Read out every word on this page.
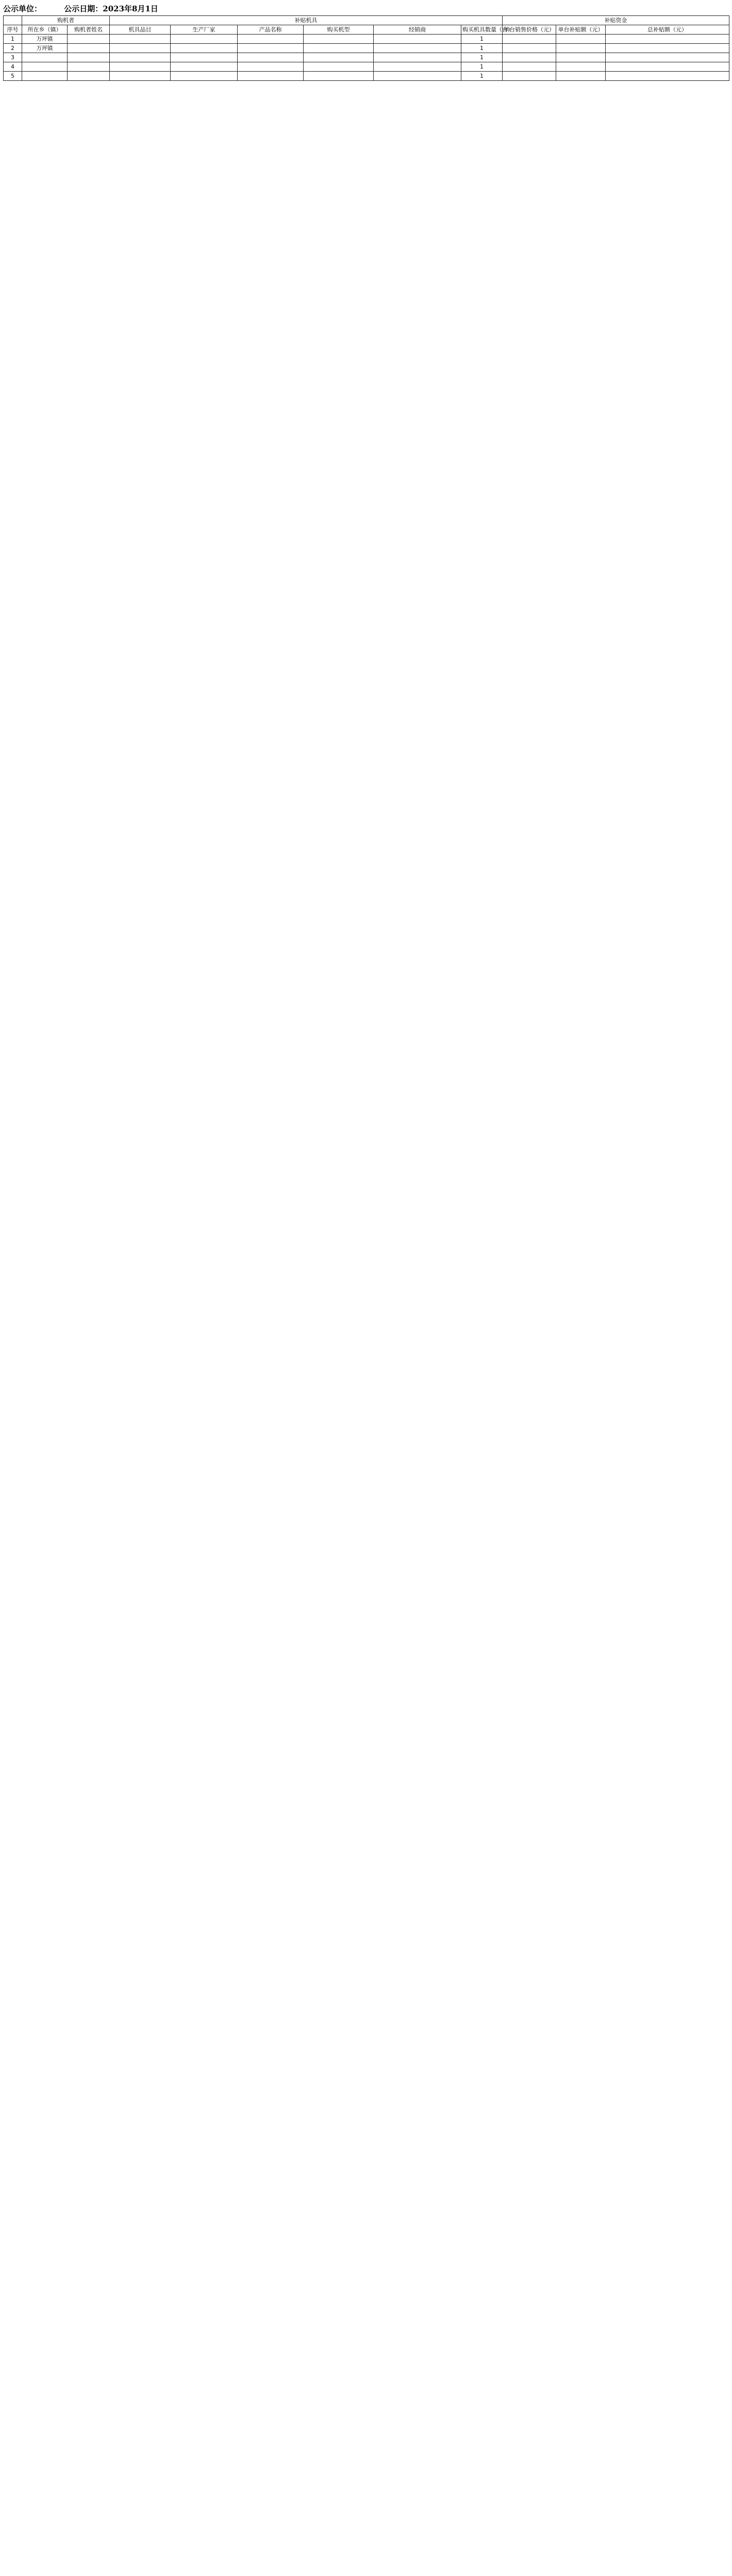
公示单位：	公示日期：2023年8月1日
	购机者		补贴机具						补贴资金		
序号	所在乡（镇）	购机者姓名	机具品目	生产厂家	产品名称	购买机型	经销商	购买机具数量（台）	单台销售价格（元）	单台补贴额（元）	总补贴额（元）
1	万坪镇							1			
2	万坪镇							1			
3								1			
4								1			
5								1			
